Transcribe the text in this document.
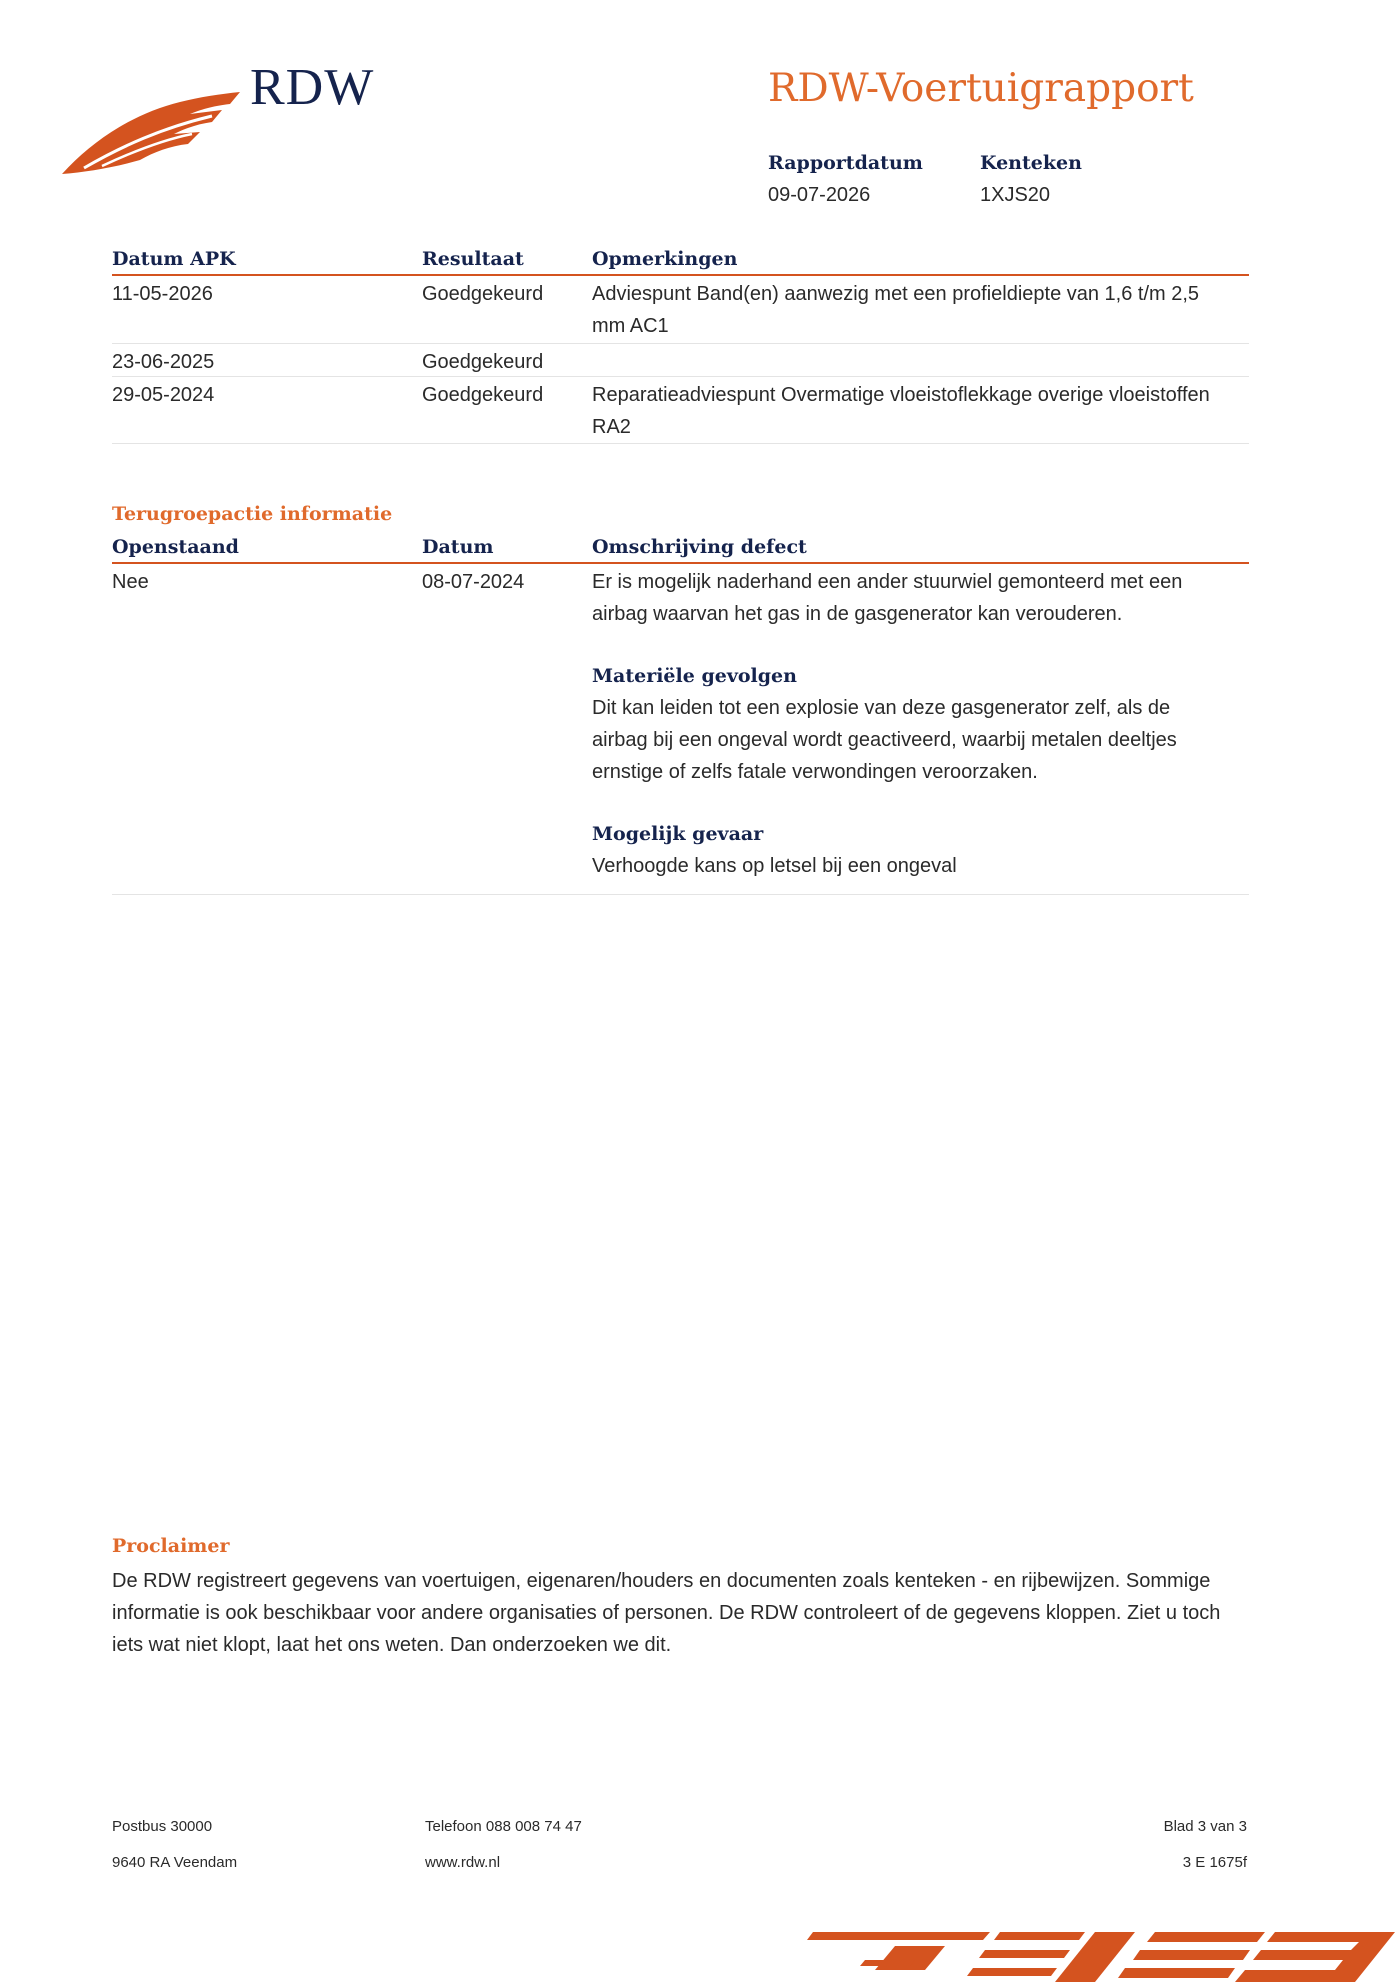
RDW	RDW-Voertuigrapport
Rapportdatum
09-07-2026
Kenteken
1XJS20
Datum APK	Resultaat	Opmerkingen
11-05-2026	Goedgekeurd Adviespunt Band(en) aanwezig met een profieldiepte van 1,6 t/m 2,5 mm AC1
23-06-2025	Goedgekeurd
29-05-2024	Goedgekeurd Reparatieadviespunt Overmatige vloeistoflekkage overige vloeistoffen RA2
Terugroepactie informatie
Openstaand	Datum	Omschrijving defect
Nee	08-07-2024	Er is mogelijk naderhand een ander stuurwiel gemonteerd met een airbag waarvan het gas in de gasgenerator kan verouderen.
Materiële gevolgen
Dit kan leiden tot een explosie van deze gasgenerator zelf, als de airbag bij een ongeval wordt geactiveerd, waarbij metalen deeltjes ernstige of zelfs fatale verwondingen veroorzaken.
Mogelijk gevaar
Verhoogde kans op letsel bij een ongeval
Proclaimer
De RDW registreert gegevens van voertuigen, eigenaren/houders en documenten zoals kenteken - en rijbewijzen. Sommige informatie is ook beschikbaar voor andere organisaties of personen. De RDW controleert of de gegevens kloppen. Ziet u toch iets wat niet klopt, laat het ons weten. Dan onderzoeken we dit.
Postbus 30000
9640 RA Veendam
Telefoon 088 008 74 47
www.rdw.nl
Blad 3 van 3
3 E 1675f
